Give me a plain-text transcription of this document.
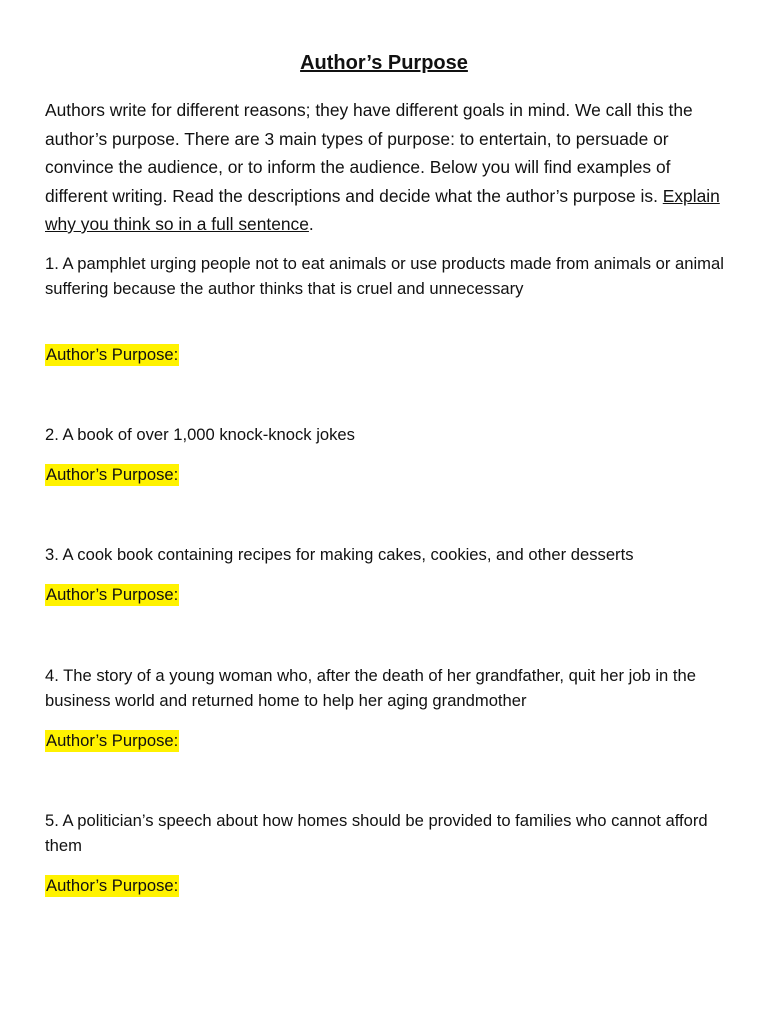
Author’s Purpose
Authors write for different reasons; they have different goals in mind. We call this the author’s purpose. There are 3 main types of purpose: to entertain, to persuade or convince the audience, or to inform the audience. Below you will find examples of different writing. Read the descriptions and decide what the author’s purpose is. Explain why you think so in a full sentence.
1. A pamphlet urging people not to eat animals or use products made from animals or animal suffering because the author thinks that is cruel and unnecessary
Author’s Purpose:
2. A book of over 1,000 knock-knock jokes
Author’s Purpose:
3. A cook book containing recipes for making cakes, cookies, and other desserts
Author’s Purpose:
4. The story of a young woman who, after the death of her grandfather, quit her job in the business world and returned home to help her aging grandmother
Author’s Purpose:
5. A politician’s speech about how homes should be provided to families who cannot afford them
Author’s Purpose:
